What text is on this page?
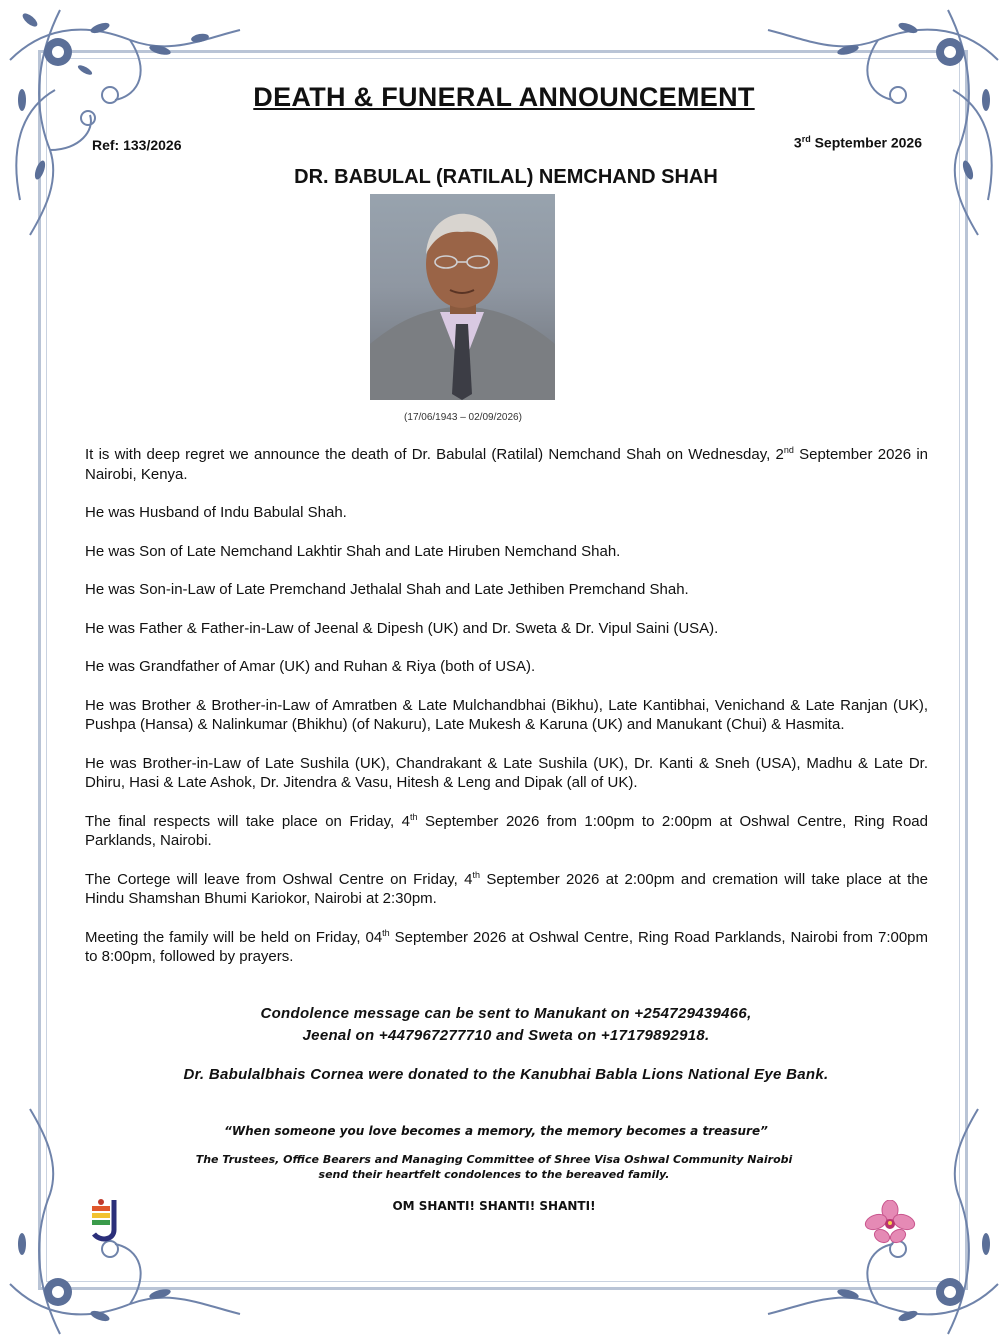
DEATH & FUNERAL ANNOUNCEMENT
Ref: 133/2026	3rd September 2026
DR. BABULAL (RATILAL) NEMCHAND SHAH
(17/06/1943 – 02/09/2026)

It is with deep regret we announce the death of Dr. Babulal (Ratilal) Nemchand Shah on Wednesday, 2nd September 2026 in Nairobi, Kenya.

He was Husband of Indu Babulal Shah.

He was Son of Late Nemchand Lakhtir Shah and Late Hiruben Nemchand Shah.

He was Son-in-Law of Late Premchand Jethalal Shah and Late Jethiben Premchand Shah.

He was Father & Father-in-Law of Jeenal & Dipesh (UK) and Dr. Sweta & Dr. Vipul Saini (USA).

He was Grandfather of Amar (UK) and Ruhan & Riya (both of USA).

He was Brother & Brother-in-Law of Amratben & Late Mulchandbhai (Bikhu), Late Kantibhai, Venichand & Late Ranjan (UK), Pushpa (Hansa) & Nalinkumar (Bhikhu) (of Nakuru), Late Mukesh & Karuna (UK) and Manukant (Chui) & Hasmita.

He was Brother-in-Law of Late Sushila (UK), Chandrakant & Late Sushila (UK), Dr. Kanti & Sneh (USA), Madhu & Late Dr. Dhiru, Hasi & Late Ashok, Dr. Jitendra & Vasu, Hitesh & Leng and Dipak (all of UK).

The final respects will take place on Friday, 4th September 2026 from 1:00pm to 2:00pm at Oshwal Centre, Ring Road Parklands, Nairobi.

The Cortege will leave from Oshwal Centre on Friday, 4th September 2026 at 2:00pm and cremation will take place at the Hindu Shamshan Bhumi Kariokor, Nairobi at 2:30pm.

Meeting the family will be held on Friday, 04th September 2026 at Oshwal Centre, Ring Road Parklands, Nairobi from 7:00pm to 8:00pm, followed by prayers.

Condolence message can be sent to Manukant on +254729439466,
Jeenal on +447967277710 and Sweta on +17179892918.
Dr. Babulalbhais Cornea were donated to the Kanubhai Babla Lions National Eye Bank.
“When someone you love becomes a memory, the memory becomes a treasure”
The Trustees, Office Bearers and Managing Committee of Shree Visa Oshwal Community Nairobi
send their heartfelt condolences to the bereaved family.
OM SHANTI! SHANTI! SHANTI!
